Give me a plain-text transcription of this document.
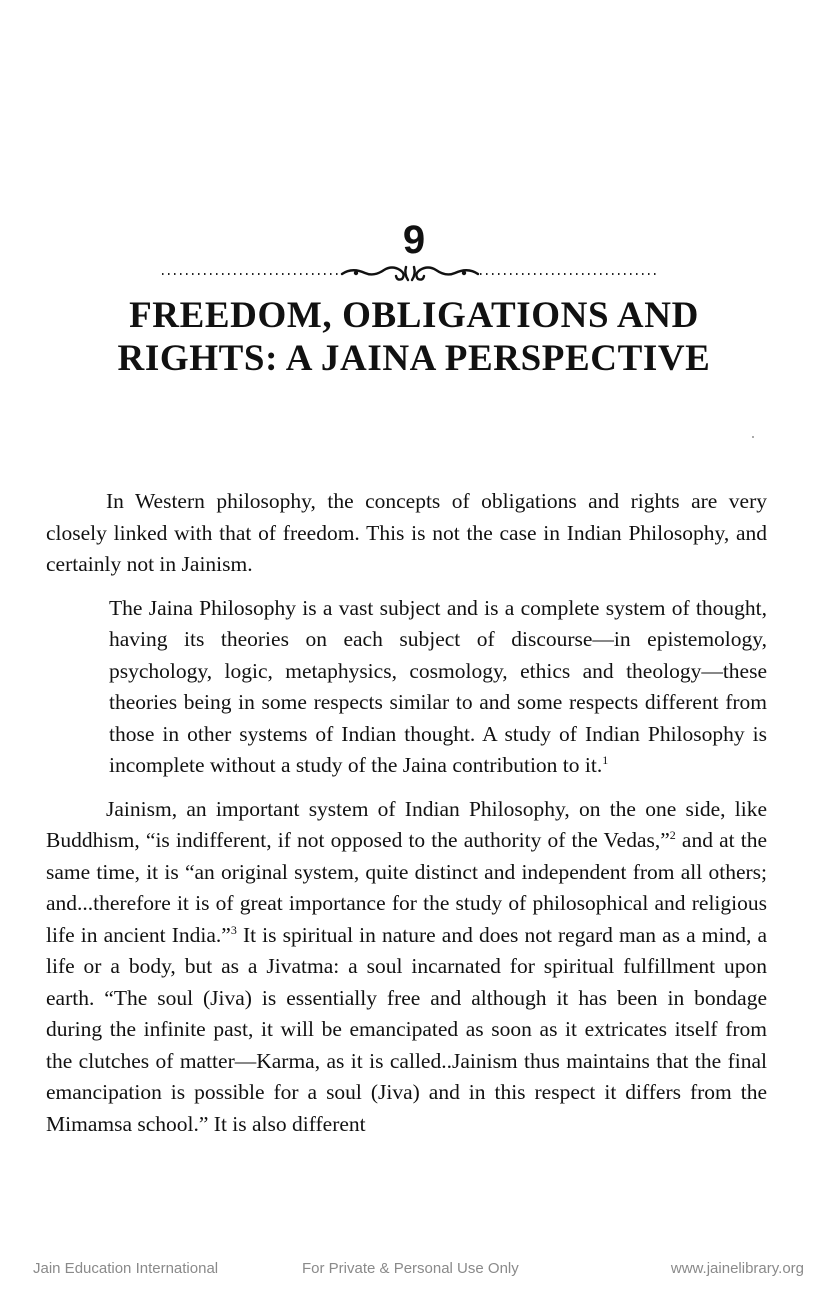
9
FREEDOM, OBLIGATIONS AND
RIGHTS: A JAINA PERSPECTIVE

In Western philosophy, the concepts of obligations and rights are very closely linked with that of freedom. This is not the case in Indian Philosophy, and certainly not in Jainism.

The Jaina Philosophy is a vast subject and is a complete system of thought, having its theories on each subject of discourse—in epistemology, psychology, logic, metaphysics, cosmology, ethics and theology—these theories being in some respects similar to and some respects different from those in other systems of Indian thought. A study of Indian Philosophy is incomplete without a study of the Jaina contribution to it.$^1$

Jainism, an important system of Indian Philosophy, on the one side, like Buddhism, “is indifferent, if not opposed to the authority of the Vedas,”$^2$ and at the same time, it is “an original system, quite distinct and independent from all others; and...therefore it is of great importance for the study of philosophical and religious life in ancient India.”$^3$ It is spiritual in nature and does not regard man as a mind, a life or a body, but as a Jivatma: a soul incarnated for spiritual fulfillment upon earth. “The soul (Jiva) is essentially free and although it has been in bondage during the infinite past, it will be emancipated as soon as it extricates itself from the clutches of matter—Karma, as it is called..Jainism thus maintains that the final emancipation is possible for a soul (Jiva) and in this respect it differs from the Mimamsa school.” It is also different

Jain Education International	For Private & Personal Use Only	www.jainelibrary.org
